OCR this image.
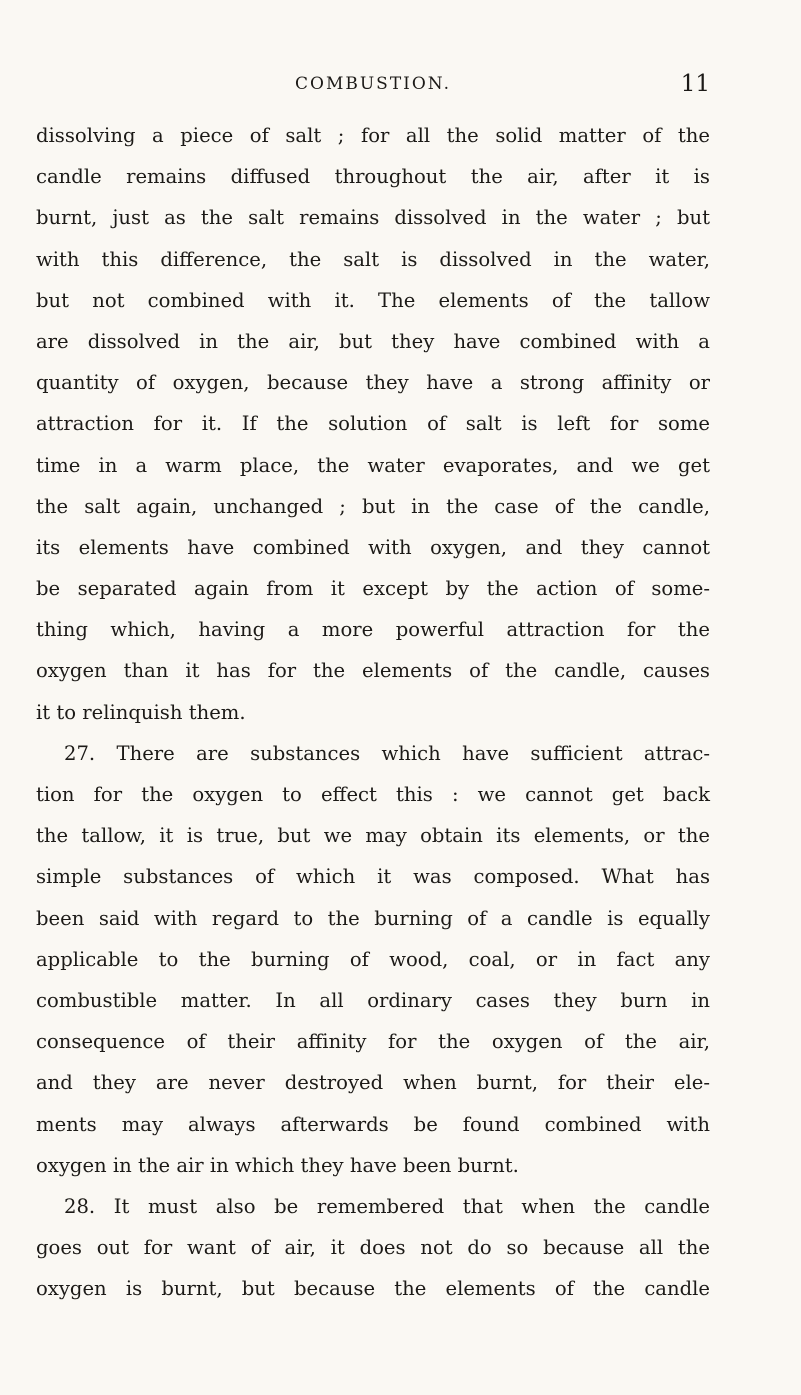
COMBUSTION.	11
dissolving a piece of salt ; for all the solid matter of the
candle remains diffused throughout the air, after it is
burnt, just as the salt remains dissolved in the water ; but
with this difference, the salt is dissolved in the water,
but not combined with it. The elements of the tallow
are dissolved in the air, but they have combined with a
quantity of oxygen, because they have a strong affinity or
attraction for it. If the solution of salt is left for some
time in a warm place, the water evaporates, and we get
the salt again, unchanged ; but in the case of the candle,
its elements have combined with oxygen, and they cannot
be separated again from it except by the action of some-
thing which, having a more powerful attraction for the
oxygen than it has for the elements of the candle, causes
it to relinquish them.
27. There are substances which have sufficient attrac-
tion for the oxygen to effect this : we cannot get back
the tallow, it is true, but we may obtain its elements, or the
simple substances of which it was composed. What has
been said with regard to the burning of a candle is equally
applicable to the burning of wood, coal, or in fact any
combustible matter. In all ordinary cases they burn in
consequence of their affinity for the oxygen of the air,
and they are never destroyed when burnt, for their ele-
ments may always afterwards be found combined with
oxygen in the air in which they have been burnt.
28. It must also be remembered that when the candle
goes out for want of air, it does not do so because all the
oxygen is burnt, but because the elements of the candle
